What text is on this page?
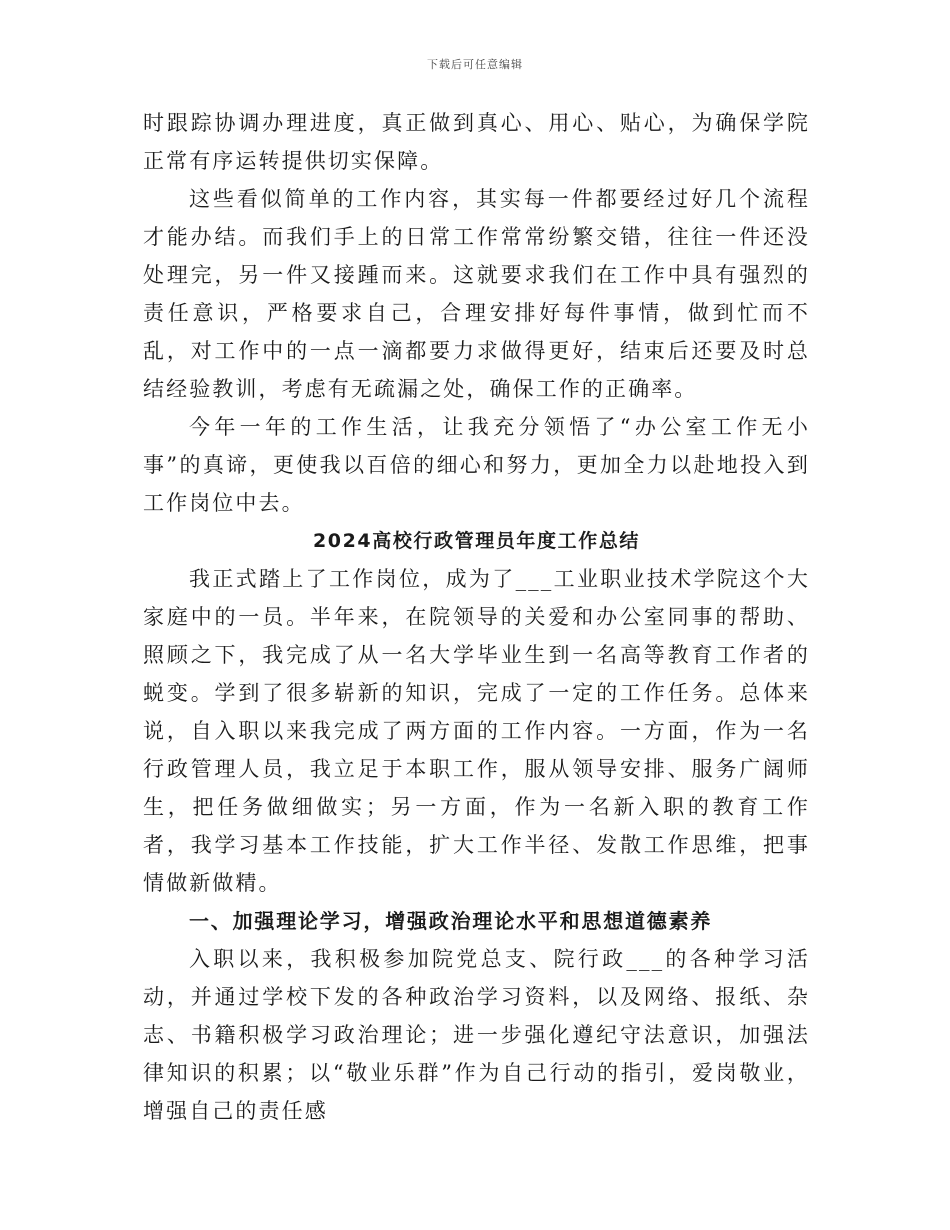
下载后可任意编辑

时跟踪协调办理进度，真正做到真心、用心、贴心，为确保学院正常有序运转提供切实保障。

这些看似简单的工作内容，其实每一件都要经过好几个流程才能办结。而我们手上的日常工作常常纷繁交错，往往一件还没处理完，另一件又接踵而来。这就要求我们在工作中具有强烈的责任意识，严格要求自己，合理安排好每件事情，做到忙而不乱，对工作中的一点一滴都要力求做得更好，结束后还要及时总结经验教训，考虑有无疏漏之处，确保工作的正确率。

今年一年的工作生活，让我充分领悟了“办公室工作无小事”的真谛，更使我以百倍的细心和努力，更加全力以赴地投入到工作岗位中去。

2024高校行政管理员年度工作总结

我正式踏上了工作岗位，成为了___工业职业技术学院这个大家庭中的一员。半年来，在院领导的关爱和办公室同事的帮助、照顾之下，我完成了从一名大学毕业生到一名高等教育工作者的蜕变。学到了很多崭新的知识，完成了一定的工作任务。总体来说，自入职以来我完成了两方面的工作内容。一方面，作为一名行政管理人员，我立足于本职工作，服从领导安排、服务广阔师生，把任务做细做实；另一方面，作为一名新入职的教育工作者，我学习基本工作技能，扩大工作半径、发散工作思维，把事情做新做精。

一、加强理论学习，增强政治理论水平和思想道德素养

入职以来，我积极参加院党总支、院行政___的各种学习活动，并通过学校下发的各种政治学习资料，以及网络、报纸、杂志、书籍积极学习政治理论；进一步强化遵纪守法意识，加强法律知识的积累；以“敬业乐群”作为自己行动的指引，爱岗敬业，增强自己的责任感
